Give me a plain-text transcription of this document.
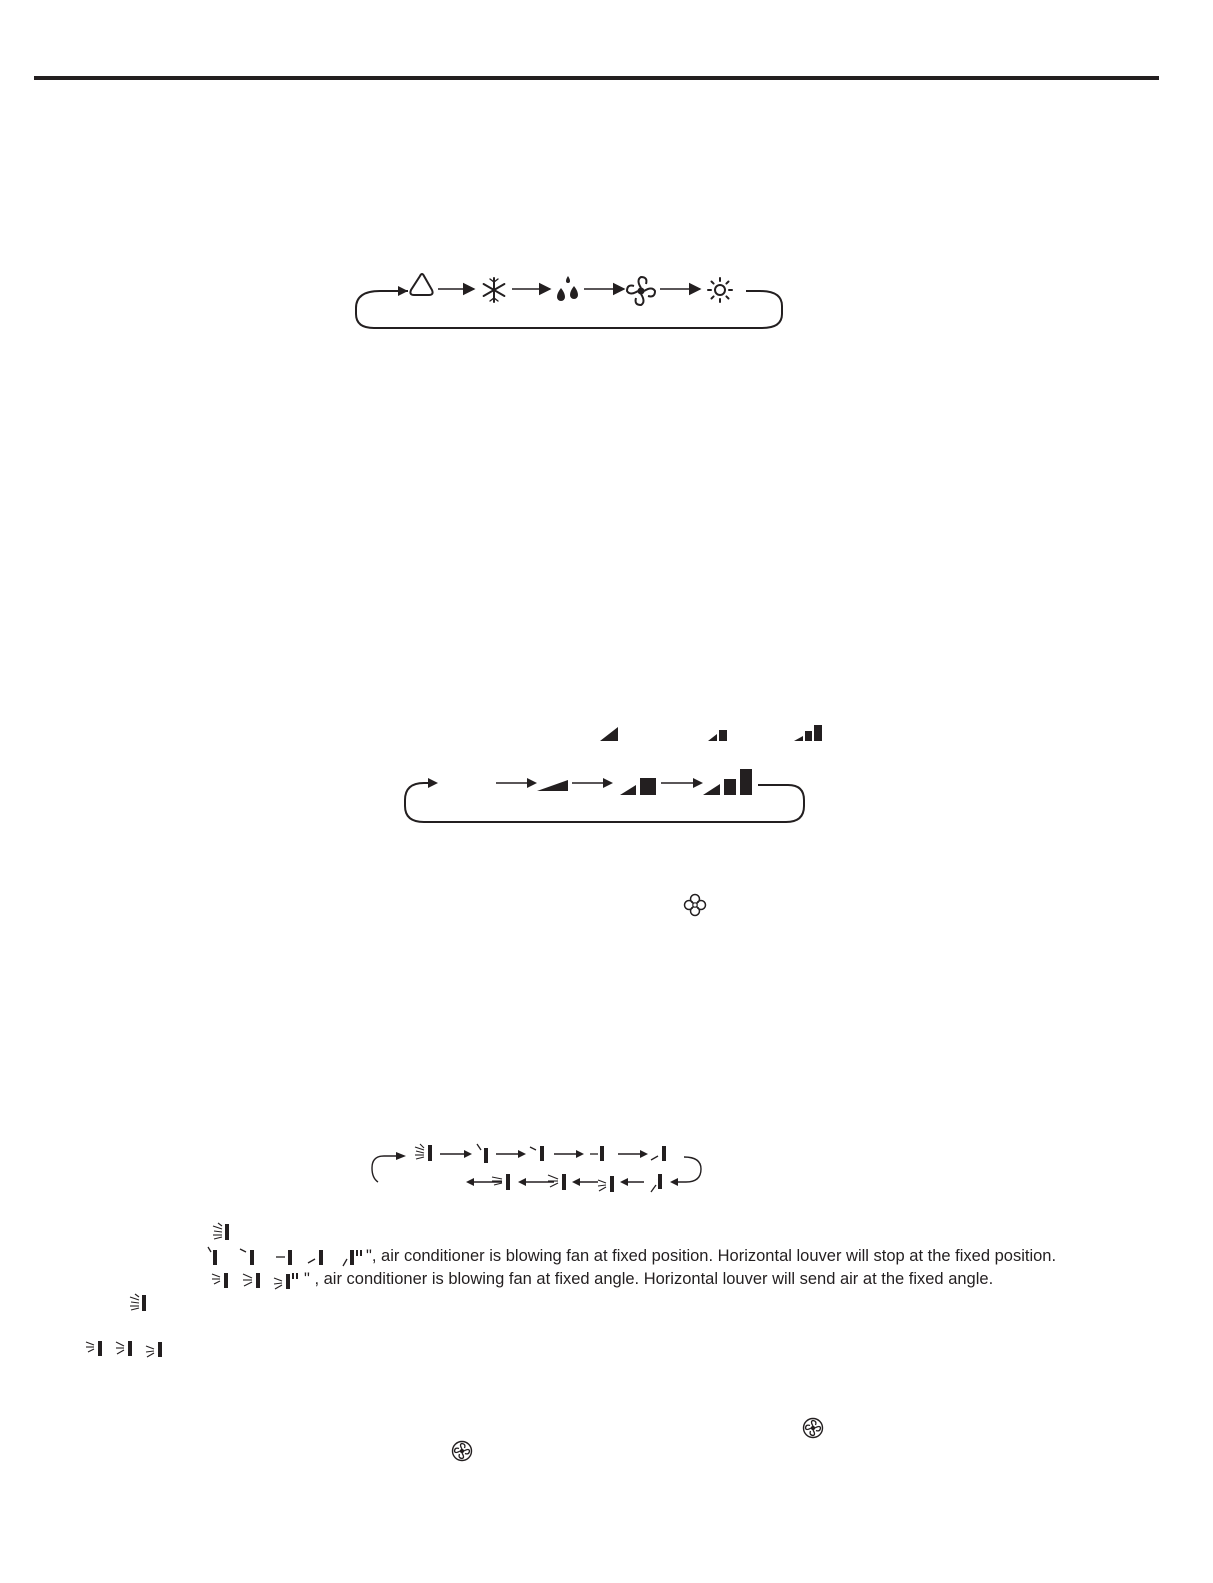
", air conditioner is blowing fan at fixed position. Horizontal louver will stop at the fixed position.
" , air conditioner is blowing fan at fixed angle. Horizontal louver will send air at the fixed angle.
